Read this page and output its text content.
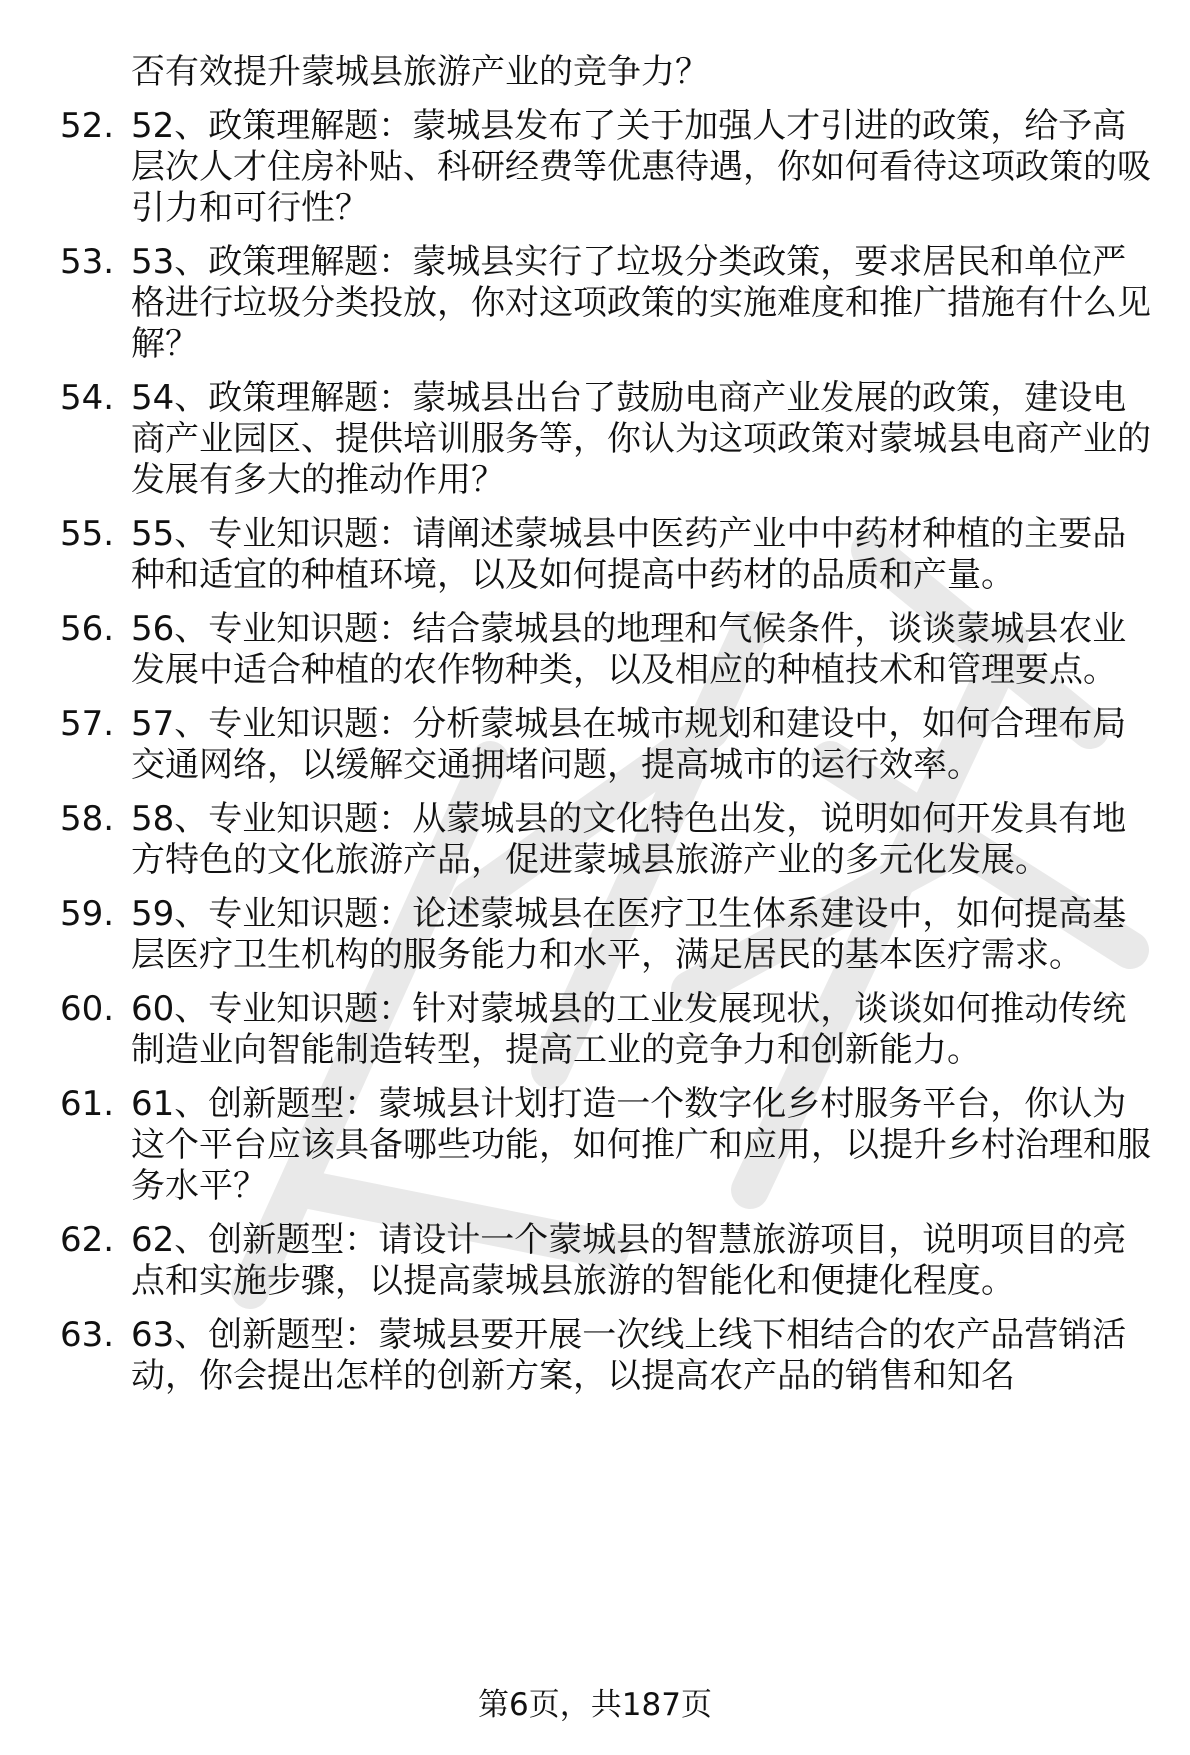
否有效提升蒙城县旅游产业的竞争力？
52. 52、政策理解题：蒙城县发布了关于加强人才引进的政策，给予高层次人才住房补贴、科研经费等优惠待遇，你如何看待这项政策的吸引力和可行性？
53. 53、政策理解题：蒙城县实行了垃圾分类政策，要求居民和单位严格进行垃圾分类投放，你对这项政策的实施难度和推广措施有什么见解？
54. 54、政策理解题：蒙城县出台了鼓励电商产业发展的政策，建设电商产业园区、提供培训服务等，你认为这项政策对蒙城县电商产业的发展有多大的推动作用？
55. 55、专业知识题：请阐述蒙城县中医药产业中中药材种植的主要品种和适宜的种植环境，以及如何提高中药材的品质和产量。
56. 56、专业知识题：结合蒙城县的地理和气候条件，谈谈蒙城县农业发展中适合种植的农作物种类，以及相应的种植技术和管理要点。
57. 57、专业知识题：分析蒙城县在城市规划和建设中，如何合理布局交通网络，以缓解交通拥堵问题，提高城市的运行效率。
58. 58、专业知识题：从蒙城县的文化特色出发，说明如何开发具有地方特色的文化旅游产品，促进蒙城县旅游产业的多元化发展。
59. 59、专业知识题：论述蒙城县在医疗卫生体系建设中，如何提高基层医疗卫生机构的服务能力和水平，满足居民的基本医疗需求。
60. 60、专业知识题：针对蒙城县的工业发展现状，谈谈如何推动传统制造业向智能制造转型，提高工业的竞争力和创新能力。
61. 61、创新题型：蒙城县计划打造一个数字化乡村服务平台，你认为这个平台应该具备哪些功能，如何推广和应用，以提升乡村治理和服务水平？
62. 62、创新题型：请设计一个蒙城县的智慧旅游项目，说明项目的亮点和实施步骤，以提高蒙城县旅游的智能化和便捷化程度。
63. 63、创新题型：蒙城县要开展一次线上线下相结合的农产品营销活动，你会提出怎样的创新方案，以提高农产品的销售和知名
第6页，共187页
